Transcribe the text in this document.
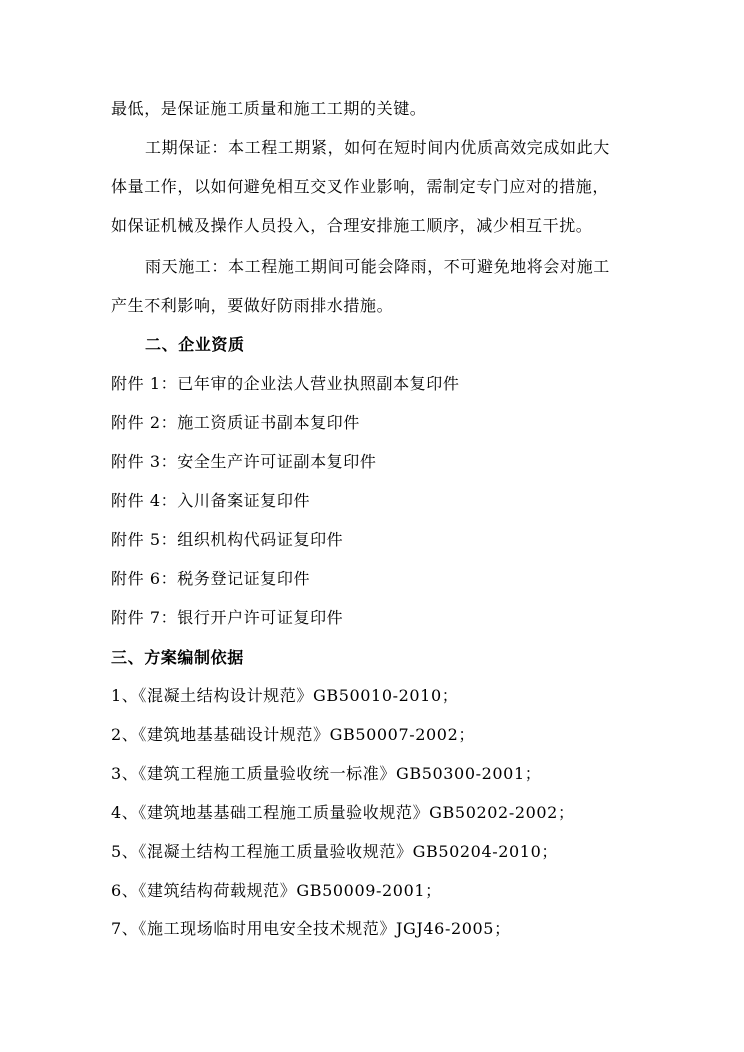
最低，是保证施工质量和施工工期的关键。
工期保证：本工程工期紧，如何在短时间内优质高效完成如此大
体量工作，以如何避免相互交叉作业影响，需制定专门应对的措施，
如保证机械及操作人员投入，合理安排施工顺序，减少相互干扰。
雨天施工：本工程施工期间可能会降雨，不可避免地将会对施工
产生不利影响，要做好防雨排水措施。
二、企业资质
附件 1：已年审的企业法人营业执照副本复印件
附件 2：施工资质证书副本复印件
附件 3：安全生产许可证副本复印件
附件 4：入川备案证复印件
附件 5：组织机构代码证复印件
附件 6：税务登记证复印件
附件 7：银行开户许可证复印件
三、方案编制依据
1、《混凝土结构设计规范》GB50010-2010；
2、《建筑地基基础设计规范》GB50007-2002；
3、《建筑工程施工质量验收统一标准》GB50300-2001；
4、《建筑地基基础工程施工质量验收规范》GB50202-2002；
5、《混凝土结构工程施工质量验收规范》GB50204-2010；
6、《建筑结构荷载规范》GB50009-2001；
7、《施工现场临时用电安全技术规范》JGJ46-2005；
